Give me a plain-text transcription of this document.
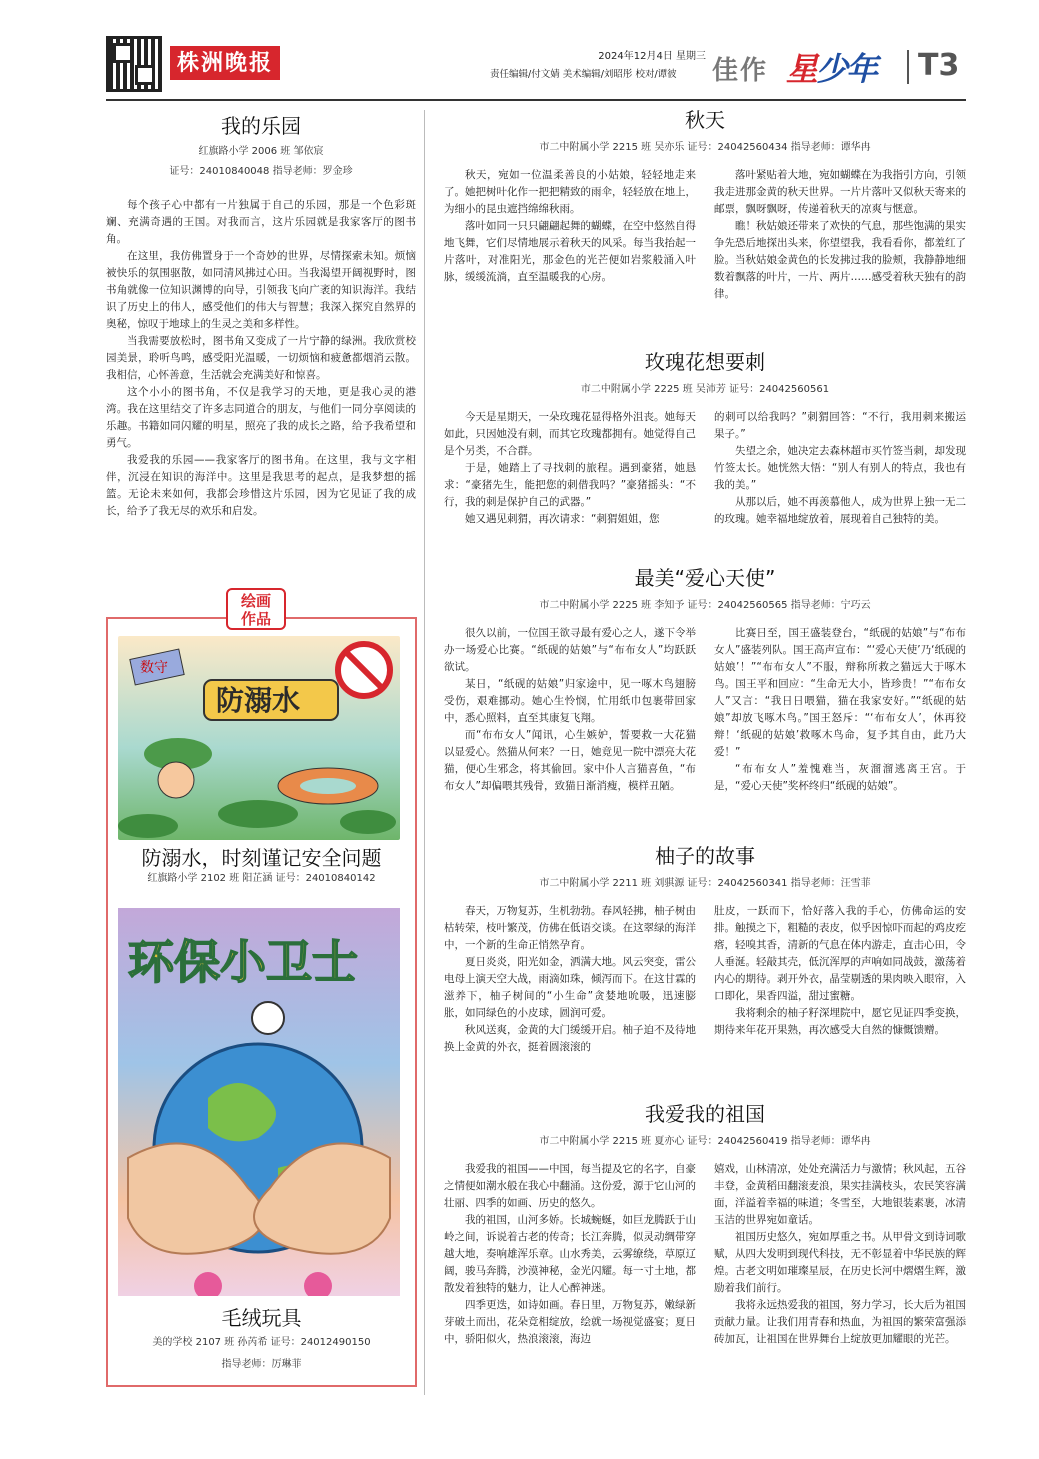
株洲晚报	2024年12月4日 星期三
责任编辑/付文婧 美术编辑/刘昭彤 校对/谭彼 佳作 星少年 T3
我的乐园
红旗路小学 2006 班 邹依宸
证号：24010840048 指导老师：罗金珍

每个孩子心中都有一片独属于自己的乐园，那是一个色彩斑斓、充满奇遇的王国。对我而言，这片乐园就是我家客厅的图书角。

在这里，我仿佛置身于一个奇妙的世界，尽情探索未知。烦恼被快乐的氛围驱散，如同清风拂过心田。当我渴望开阔视野时，图书角就像一位知识渊博的向导，引领我飞向广袤的知识海洋。我结识了历史上的伟人，感受他们的伟大与智慧；我深入探究自然界的奥秘，惊叹于地球上的生灵之美和多样性。

当我需要放松时，图书角又变成了一片宁静的绿洲。我欣赏校园美景，聆听鸟鸣，感受阳光温暖，一切烦恼和疲惫都烟消云散。我相信，心怀善意，生活就会充满美好和惊喜。

这个小小的图书角，不仅是我学习的天地，更是我心灵的港湾。我在这里结交了许多志同道合的朋友，与他们一同分享阅读的乐趣。书籍如同闪耀的明星，照亮了我的成长之路，给予我希望和勇气。

我爱我的乐园——我家客厅的图书角。在这里，我与文字相伴，沉浸在知识的海洋中。这里是我思考的起点，是我梦想的摇篮。无论未来如何，我都会珍惜这片乐园，因为它见证了我的成长，给予了我无尽的欢乐和启发。

绘画
作品
数守
防溺水
防溺水，时刻谨记安全问题
红旗路小学 2102 班 阳芷涵 证号：24010840142
环保小卫士
毛绒玩具
美的学校 2107 班 孙芮希 证号：24012490150
指导老师：厉琳菲
秋天
市二中附属小学 2215 班 吴亦乐 证号：24042560434 指导老师：谭华冉

秋天，宛如一位温柔善良的小姑娘，轻轻地走来了。她把树叶化作一把把精致的雨伞，轻轻放在地上，为细小的昆虫遮挡绵绵秋雨。

落叶如同一只只翩翩起舞的蝴蝶，在空中悠然自得地飞舞，它们尽情地展示着秋天的风采。每当我抬起一片落叶，对准阳光，那金色的光芒便如岩浆般涌入叶脉，缓缓流淌，直至温暖我的心房。

落叶紧贴着大地，宛如蝴蝶在为我指引方向，引领我走进那金黄的秋天世界。一片片落叶又似秋天寄来的邮票，飘呀飘呀，传递着秋天的凉爽与惬意。

瞧！秋姑娘还带来了欢快的气息，那些饱满的果实争先恐后地探出头来，你望望我，我看看你，都羞红了脸。当秋姑娘金黄色的长发拂过我的脸颊，我静静地细数着飘落的叶片，一片、两片……感受着秋天独有的韵律。

玫瑰花想要刺
市二中附属小学 2225 班 吴沛芳 证号：24042560561

今天是星期天，一朵玫瑰花显得格外沮丧。她每天如此，只因她没有刺，而其它玫瑰都拥有。她觉得自己是个另类，不合群。

于是，她踏上了寻找刺的旅程。遇到豪猪，她恳求：“豪猪先生，能把您的刺借我吗？”豪猪摇头：“不行，我的刺是保护自己的武器。”

她又遇见刺猬，再次请求：“刺猬姐姐，您

的刺可以给我吗？”刺猬回答：“不行，我用刺来搬运果子。”

失望之余，她决定去森林超市买竹签当刺，却发现竹签太长。她恍然大悟：“别人有别人的特点，我也有我的美。”

从那以后，她不再羡慕他人，成为世界上独一无二的玫瑰。她幸福地绽放着，展现着自己独特的美。

最美“爱心天使”
市二中附属小学 2225 班 李知予 证号：24042560565 指导老师：宁巧云

很久以前，一位国王欲寻最有爱心之人，遂下令举办一场爱心比赛。“纸砚的姑娘”与“布布女人”均跃跃欲试。

某日，“纸砚的姑娘”归家途中，见一啄木鸟翅膀受伤，艰难挪动。她心生怜悯，忙用纸巾包裹带回家中，悉心照料，直至其康复飞翔。

而“布布女人”闻讯，心生嫉妒，誓要救一大花猫以显爱心。然猫从何来？一日，她竟见一院中漂亮大花猫，便心生邪念，将其偷回。家中仆人言猫喜鱼，“布布女人”却偏喂其残骨，致猫日渐消瘦，模样丑陋。

比赛日至，国王盛装登台，“纸砚的姑娘”与“布布女人”盛装列队。国王高声宣布：“‘爱心天使’乃‘纸砚的姑娘’！”“布布女人”不服，辩称所救之猫远大于啄木鸟。国王平和回应：“生命无大小，皆珍贵！”“布布女人”又言：“我日日喂猫，猫在我家安好。”“纸砚的姑娘”却放飞啄木鸟。”国王怒斥：“‘布布女人’，休再狡辩！‘纸砚的姑娘’救啄木鸟命，复予其自由，此乃大爱！”

“布布女人”羞愧难当，灰溜溜逃离王宫。于是，“爱心天使”奖杯终归“纸砚的姑娘”。

柚子的故事
市二中附属小学 2211 班 刘骐源 证号：24042560341 指导老师：汪雪菲

春天，万物复苏，生机勃勃。春风轻拂，柚子树由枯转荣，枝叶繁茂，仿佛在低语交谈。在这翠绿的海洋中，一个新的生命正悄然孕育。

夏日炎炎，阳光如金，洒满大地。风云突变，雷公电母上演天空大战，雨滴如珠，倾泻而下。在这甘霖的滋养下，柚子树间的“小生命”贪婪地吮吸，迅速膨胀，如同绿色的小皮球，圆润可爱。

秋风送爽，金黄的大门缓缓开启。柚子迫不及待地换上金黄的外衣，挺着圆滚滚的

肚皮，一跃而下，恰好落入我的手心，仿佛命运的安排。触摸之下，粗糙的表皮，似乎因惊吓而起的鸡皮疙瘩，轻嗅其香，清新的气息在体内游走，直击心田，令人垂涎。轻敲其壳，低沉浑厚的声响如同战鼓，激荡着内心的期待。剥开外衣，晶莹剔透的果肉映入眼帘，入口即化，果香四溢，甜过蜜糖。

我将剩余的柚子籽深埋院中，愿它见证四季变换，期待来年花开果熟，再次感受大自然的慷慨馈赠。

我爱我的祖国
市二中附属小学 2215 班 夏亦心 证号：24042560419 指导老师：谭华冉

我爱我的祖国——中国，每当提及它的名字，自豪之情便如潮水般在我心中翻涌。这份爱，源于它山河的壮丽、四季的如画、历史的悠久。

我的祖国，山河多娇。长城蜿蜒，如巨龙腾跃于山岭之间，诉说着古老的传奇；长江奔腾，似灵动绸带穿越大地，奏响雄浑乐章。山水秀美，云雾缭绕，草原辽阔，骏马奔腾，沙漠神秘，金光闪耀。每一寸土地，都散发着独特的魅力，让人心醉神迷。

四季更迭，如诗如画。春日里，万物复苏，嫩绿新芽破土而出，花朵竞相绽放，绘就一场视觉盛宴；夏日中，骄阳似火，热浪滚滚，海边

嬉戏，山林清凉，处处充满活力与激情；秋风起，五谷丰登，金黄稻田翻滚麦浪，果实挂满枝头，农民笑容满面，洋溢着幸福的味道；冬雪至，大地银装素裹，冰清玉洁的世界宛如童话。

祖国历史悠久，宛如厚重之书。从甲骨文到诗词歌赋，从四大发明到现代科技，无不彰显着中华民族的辉煌。古老文明如璀璨星辰，在历史长河中熠熠生辉，激励着我们前行。

我将永远热爱我的祖国，努力学习，长大后为祖国贡献力量。让我们用青春和热血，为祖国的繁荣富强添砖加瓦，让祖国在世界舞台上绽放更加耀眼的光芒。
